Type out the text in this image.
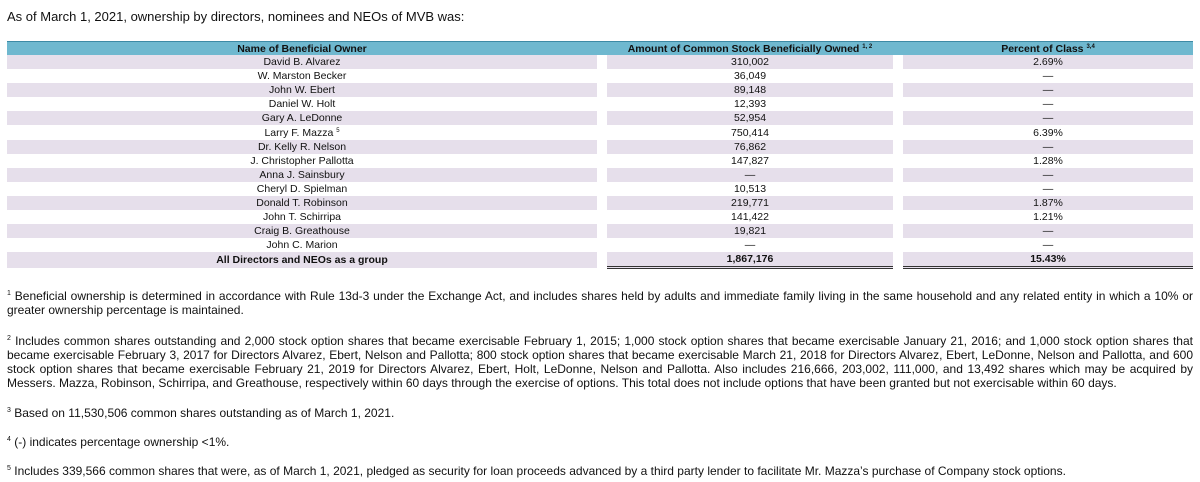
As of March 1, 2021, ownership by directors, nominees and NEOs of MVB was:
Name of Beneficial Owner		Amount of Common Stock Beneficially Owned $^{1, 2}$		Percent of Class $^{3,4}$
David B. Alvarez		310,002		2.69%
W. Marston Becker		36,049		—
John W. Ebert		89,148		—
Daniel W. Holt		12,393		—
Gary A. LeDonne		52,954		—
Larry F. Mazza $^5$		750,414		6.39%
Dr. Kelly R. Nelson		76,862		—
J. Christopher Pallotta		147,827		1.28%
Anna J. Sainsbury		—		—
Cheryl D. Spielman		10,513		—
Donald T. Robinson		219,771		1.87%
John T. Schirripa		141,422		1.21%
Craig B. Greathouse		19,821		—
John C. Marion		—		—
All Directors and NEOs as a group		1,867,176		15.43%
$^1$ Beneficial ownership is determined in accordance with Rule 13d-3 under the Exchange Act, and includes shares held by adults and immediate family living in the same household and any related entity in which a 10% or greater ownership percentage is maintained.
$^2$ Includes common shares outstanding and 2,000 stock option shares that became exercisable February 1, 2015; 1,000 stock option shares that became exercisable January 21, 2016; and 1,000 stock option shares that became exercisable February 3, 2017 for Directors Alvarez, Ebert, Nelson and Pallotta; 800 stock option shares that became exercisable March 21, 2018 for Directors Alvarez, Ebert, LeDonne, Nelson and Pallotta, and 600 stock option shares that became exercisable February 21, 2019 for Directors Alvarez, Ebert, Holt, LeDonne, Nelson and Pallotta. Also includes 216,666, 203,002, 111,000, and 13,492 shares which may be acquired by Messers. Mazza, Robinson, Schirripa, and Greathouse, respectively within 60 days through the exercise of options. This total does not include options that have been granted but not exercisable within 60 days.
$^3$ Based on 11,530,506 common shares outstanding as of March 1, 2021.
$^4$ (-) indicates percentage ownership <1%.
$^5$ Includes 339,566 common shares that were, as of March 1, 2021, pledged as security for loan proceeds advanced by a third party lender to facilitate Mr. Mazza’s purchase of Company stock options.
